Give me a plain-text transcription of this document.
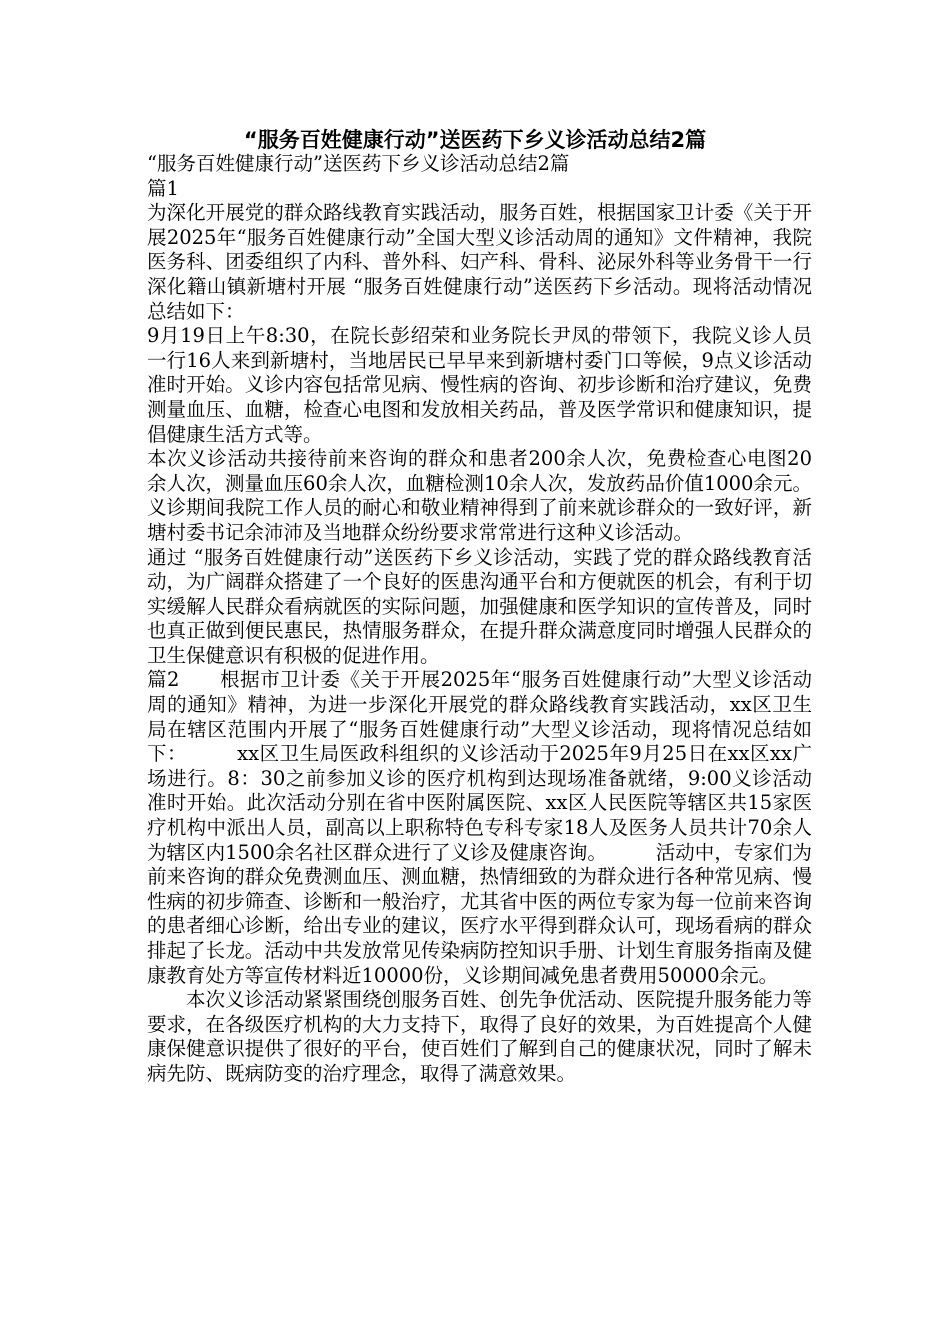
“服务百姓健康行动”送医药下乡义诊活动总结2篇

“服务百姓健康行动”送医药下乡义诊活动总结2篇

篇1

为深化开展党的群众路线教育实践活动，服务百姓，根据国家卫计委《关于开展2025年“服务百姓健康行动”全国大型义诊活动周的通知》文件精神，我院医务科、团委组织了内科、普外科、妇产科、骨科、泌尿外科等业务骨干一行深化籍山镇新塘村开展 “服务百姓健康行动”送医药下乡活动。现将活动情况总结如下：

9月19日上午8:30，在院长彭绍荣和业务院长尹凤的带领下，我院义诊人员一行16人来到新塘村，当地居民已早早来到新塘村委门口等候，9点义诊活动准时开始。义诊内容包括常见病、慢性病的咨询、初步诊断和治疗建议，免费测量血压、血糖，检查心电图和发放相关药品，普及医学常识和健康知识，提倡健康生活方式等。

本次义诊活动共接待前来咨询的群众和患者200余人次，免费检查心电图20余人次，测量血压60余人次，血糖检测10余人次，发放药品价值1000余元。义诊期间我院工作人员的耐心和敬业精神得到了前来就诊群众的一致好评，新塘村委书记余沛沛及当地群众纷纷要求常常进行这种义诊活动。

通过 “服务百姓健康行动”送医药下乡义诊活动，实践了党的群众路线教育活动，为广阔群众搭建了一个良好的医患沟通平台和方便就医的机会，有利于切实缓解人民群众看病就医的实际问题，加强健康和医学知识的宣传普及，同时也真正做到便民惠民，热情服务群众，在提升群众满意度同时增强人民群众的卫生保健意识有积极的促进作用。

篇2　　根据市卫计委《关于开展2025年“服务百姓健康行动”大型义诊活动周的通知》精神，为进一步深化开展党的群众路线教育实践活动，xx区卫生局在辖区范围内开展了“服务百姓健康行动”大型义诊活动，现将情况总结如下：　　　xx区卫生局医政科组织的义诊活动于2025年9月25日在xx区xx广场进行。8：30之前参加义诊的医疗机构到达现场准备就绪，9:00义诊活动准时开始。此次活动分别在省中医附属医院、xx区人民医院等辖区共15家医疗机构中派出人员，副高以上职称特色专科专家18人及医务人员共计70余人为辖区内1500余名社区群众进行了义诊及健康咨询。　　　活动中，专家们为前来咨询的群众免费测血压、测血糖，热情细致的为群众进行各种常见病、慢性病的初步筛查、诊断和一般治疗，尤其省中医的两位专家为每一位前来咨询的患者细心诊断，给出专业的建议，医疗水平得到群众认可，现场看病的群众排起了长龙。活动中共发放常见传染病防控知识手册、计划生育服务指南及健康教育处方等宣传材料近10000份，义诊期间减免患者费用50000余元。

本次义诊活动紧紧围绕创服务百姓、创先争优活动、医院提升服务能力等要求，在各级医疗机构的大力支持下，取得了良好的效果，为百姓提高个人健康保健意识提供了很好的平台，使百姓们了解到自己的健康状况，同时了解未病先防、既病防变的治疗理念，取得了满意效果。
